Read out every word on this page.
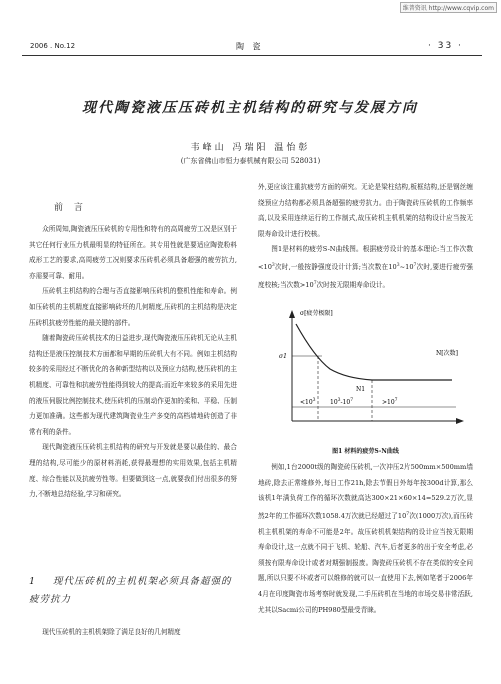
维普资讯 http://www.cqvip.com
2006 . No.12	陶 瓷	· 33 ·
现代陶瓷液压压砖机主机结构的研究与发展方向
韦峰山 冯瑞阳 温怡彰
(广东省佛山市恒力泰机械有限公司 528031)
前 言

众所周知,陶瓷液压压砖机的专用性和特有的高周疲劳工况是区别于其它任何行业压力机最明显的特征所在。其专用性就是要适应陶瓷粉料成形工艺的要求,高周疲劳工况则要求压砖机必须具备超强的疲劳抗力,亦需要可靠、耐用。

压砖机主机结构的合理与否直接影响压砖机的整机性能和寿命。例如压砖机的主机精度直接影响砖坯的几何精度,压砖机的主机结构是决定压砖机抗疲劳性能的最关键的部件。

随着陶瓷砖压砖机技术的日益进步,现代陶瓷液压压砖机无论从主机结构还是液压控制技术方面都和早期的压砖机大有不同。例如主机结构较多的采用经过不断优化的各种新型结构以及预应力结构,使压砖机的主机精度、可靠性和抗疲劳性能得到较大的提高;而近年来较多的采用先进的液压伺服比例控制技术,使压砖机的压制动作更加的柔和、平稳、压制力更加准确。这些都为现代建筑陶瓷业生产多变的高档墙地砖创造了非常有利的条件。

现代陶瓷液压压砖机主机结构的研究与开发就是要以最佳的、最合理的结构,尽可能少的原材料消耗,获得最理想的实用效果,包括主机精度、综合性能以及抗疲劳性等。但要做到这一点,就要我们付出很多的努力,不断地总结经验,学习和研究。

1 现代压砖机的主机机架必须具备超强的疲劳抗力

现代压砖机的主机机架除了满足良好的几何精度

外,更应该注重抗疲劳方面的研究。无论是梁柱结构,板框结构,还是钢丝缠绕预应力结构都必须具备超强的疲劳抗力。由于陶瓷砖压砖机的工作频率高,以及采用连续运行的工作制式,故压砖机主机机架的结构设计应当按无限寿命设计进行校核。

图1是材料的疲劳S-N曲线图。根据疲劳设计的基本理论:当工作次数$<10^3$次时,一般按静强度设计计算;当次数在$10^3\sim 10^7$次时,要进行疲劳强度校核;当次数$>10^7$次时按无限期寿命设计。

σ[疲劳极限]
N[次数]
σ1
N1
$<10^3$ $10^3-10^7$	$>10^7$
图1 材料的疲劳S-N曲线

例如,1台2000t级的陶瓷砖压砖机,一次冲压2片500mm×500mm墙地砖,除去正常维修外,每日工作21h,除去节假日外每年按300d计算,那么该机1年满负荷工作的循环次数就高达300×21×60×14=529.2万次,显然2年的工作循环次数1058.4万次就已经超过了$10^7$次(1000万次),而压砖机主机机架的寿命不可能是2年。故压砖机机架结构的设计应当按无限期寿命设计,这一点就不同于飞机、轮船、汽车,后者更多的出于安全考虑,必须按有限寿命设计或者对期强制报废。陶瓷砖压砖机不存在类似的安全问题,所以只要不坏或者可以维修的就可以一直使用下去,例如笔者于2006年4月在印度陶瓷市场考察时就发现,二手压砖机在当地的市场交易非常活跃,尤其以Sacmi公司的PH980型最受青睐。
